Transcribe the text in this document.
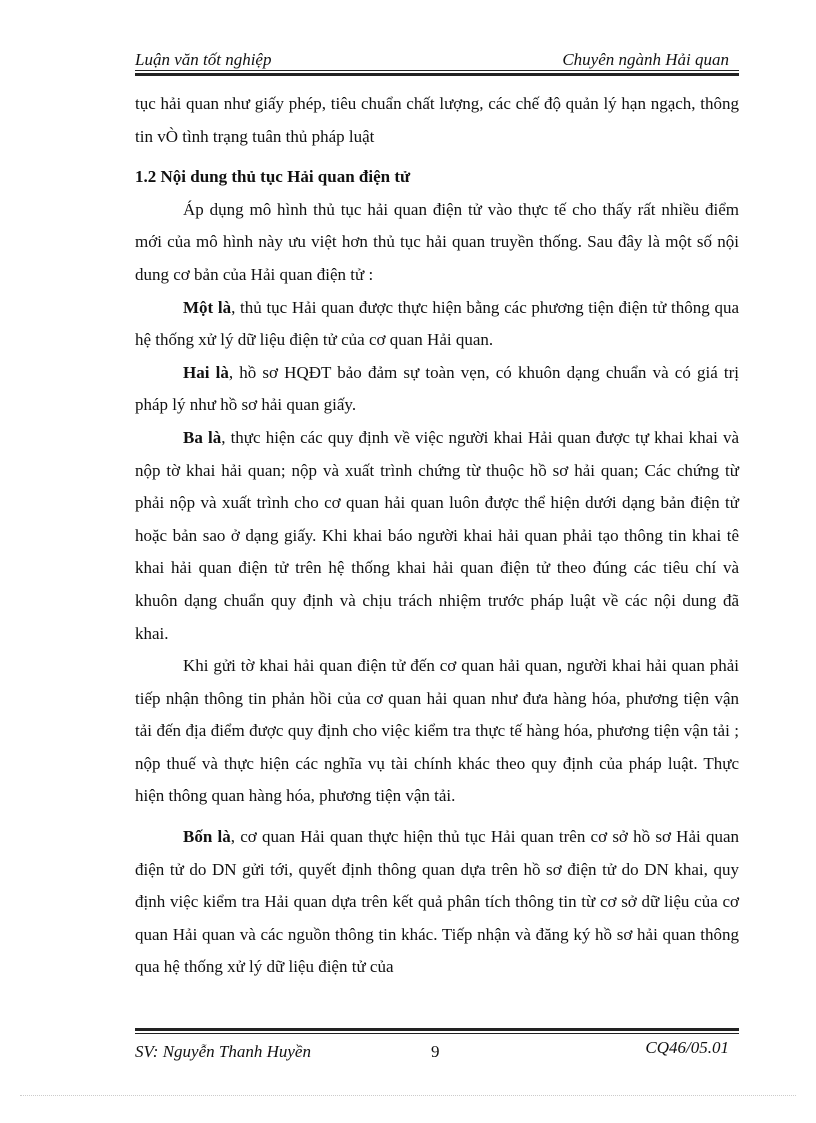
Luận văn tốt nghiệp	Chuyên ngành Hải quan

tục hải quan như giấy phép, tiêu chuẩn chất lượng, các chế độ quản lý hạn ngạch, thông tin vÒ tình trạng tuân thủ pháp luật

1.2 Nội dung thủ tục Hải quan điện tử

Áp dụng mô hình thủ tục hải quan điện tử vào thực tế cho thấy rất nhiều điểm mới của mô hình này ưu việt hơn thủ tục hải quan truyền thống. Sau đây là một số nội dung cơ bản của Hải quan điện tử :

Một là, thủ tục Hải quan được thực hiện bằng các phương tiện điện tử thông qua hệ thống xử lý dữ liệu điện tử của cơ quan Hải quan.

Hai là, hồ sơ HQĐT bảo đảm sự toàn vẹn, có khuôn dạng chuẩn và có giá trị pháp lý như hồ sơ hải quan giấy.

Ba là, thực hiện các quy định về việc người khai Hải quan được tự khai khai và nộp tờ khai hải quan; nộp và xuất trình chứng từ thuộc hồ sơ hải quan; Các chứng từ phải nộp và xuất trình cho cơ quan hải quan luôn được thể hiện dưới dạng bản điện tử hoặc bản sao ở dạng giấy. Khi khai báo người khai hải quan phải tạo thông tin khai tê khai hải quan điện tử trên hệ thống khai hải quan điện tử theo đúng các tiêu chí và khuôn dạng chuẩn quy định và chịu trách nhiệm trước pháp luật về các nội dung đã khai.

Khi gửi tờ khai hải quan điện tử đến cơ quan hải quan, người khai hải quan phải tiếp nhận thông tin phản hồi của cơ quan hải quan như đưa hàng hóa, phương tiện vận tải đến địa điểm được quy định cho việc kiểm tra thực tế hàng hóa, phương tiện vận tải ; nộp thuế và thực hiện các nghĩa vụ tài chính khác theo quy định của pháp luật. Thực hiện thông quan hàng hóa, phương tiện vận tải.

Bốn là, cơ quan Hải quan thực hiện thủ tục Hải quan trên cơ sở hồ sơ Hải quan điện tử do DN gửi tới, quyết định thông quan dựa trên hồ sơ điện tử do DN khai, quy định việc kiểm tra Hải quan dựa trên kết quả phân tích thông tin từ cơ sở dữ liệu của cơ quan Hải quan và các nguồn thông tin khác. Tiếp nhận và đăng ký hồ sơ hải quan thông qua hệ thống xử lý dữ liệu điện tử của

SV: Nguyễn Thanh Huyền	9	CQ46/05.01
